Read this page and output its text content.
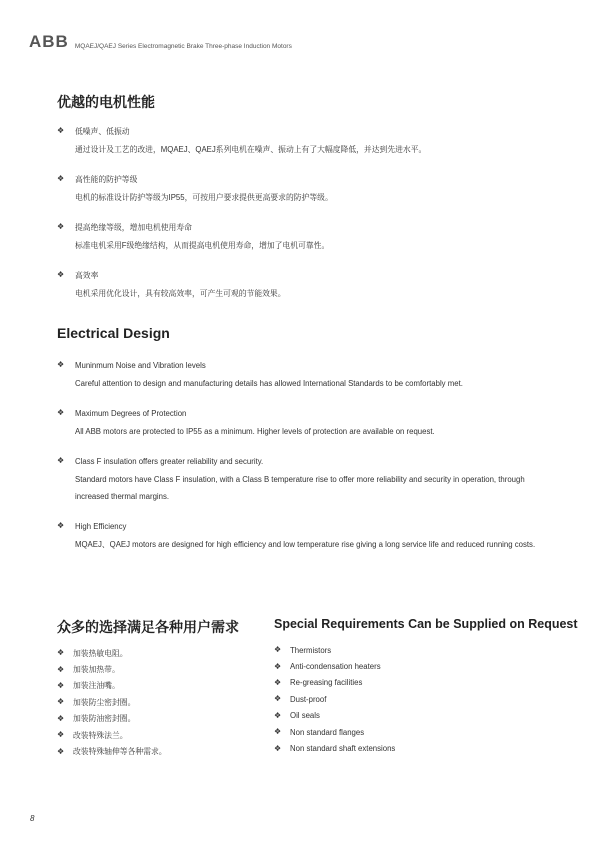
ABB MQAEJ/QAEJ Series Electromagnetic Brake Three-phase Induction Motors
优越的电机性能
❖	低噪声、低振动
通过设计及工艺的改进，MQAEJ、QAEJ系列电机在噪声、振动上有了大幅度降低，并达到先进水平。
❖	高性能的防护等级
电机的标准设计防护等级为IP55，可按用户要求提供更高要求的防护等级。
❖	提高绝缘等级，增加电机使用寿命
标准电机采用F级绝缘结构，从而提高电机使用寿命，增加了电机可靠性。
❖	高效率
电机采用优化设计，具有较高效率，可产生可观的节能效果。
Electrical Design
❖	Muninmum Noise and Vibration levels
Careful attention to design and manufacturing details has allowed International Standards to be comfortably met.
❖	Maximum Degrees of Protection
All ABB motors are protected to IP55 as a minimum. Higher levels of protection are available on request.
❖	Class F insulation offers greater reliability and security.
Standard motors have Class F insulation, with a Class B temperature rise to offer more reliability and security in operation, through increased thermal margins.
❖	High Efficiency
MQAEJ、QAEJ motors are designed for high efficiency and low temperature rise giving a long service life and reduced running costs.
众多的选择满足各种用户需求
❖	加装热敏电阻。
❖	加装加热带。
❖	加装注油嘴。
❖	加装防尘密封圈。
❖	加装防油密封圈。
❖	改装特殊法兰。
❖	改装特殊轴伸等各种需求。
Special Requirements Can be Supplied on Request
❖	Thermistors
❖	Anti-condensation heaters
❖	Re-greasing facilities
❖	Dust-proof
❖	Oil seals
❖	Non standard flanges
❖	Non standard shaft extensions
8
